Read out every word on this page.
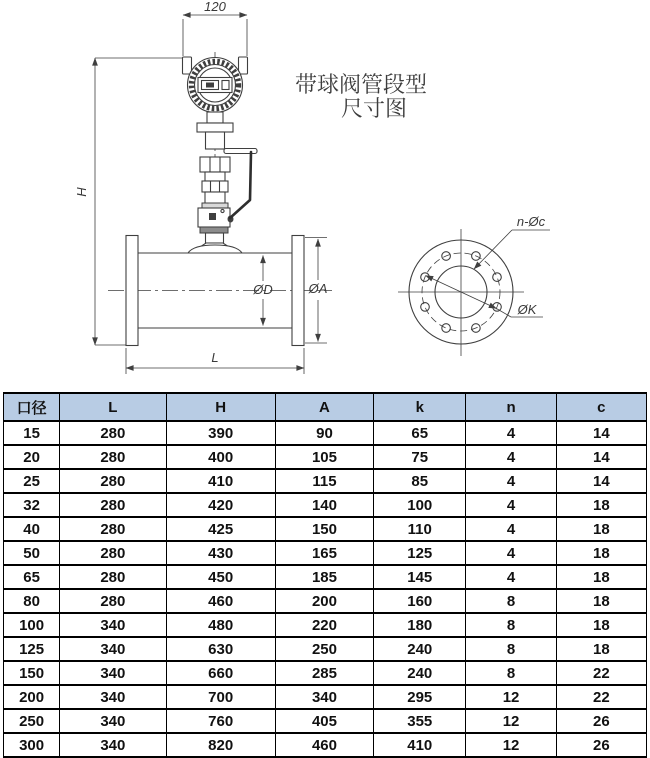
带球阀管段型
尺寸图
120
H
ØD	ØA
L
ØK
n-Øc
口径	L	H	A	k	n	c
15	280	390	90	65	4	14
20	280	400	105	75	4	14
25	280	410	115	85	4	14
32	280	420	140	100	4	18
40	280	425	150	110	4	18
50	280	430	165	125	4	18
65	280	450	185	145	4	18
80	280	460	200	160	8	18
100	340	480	220	180	8	18
125	340	630	250	240	8	18
150	340	660	285	240	8	22
200	340	700	340	295	12	22
250	340	760	405	355	12	26
300	340	820	460	410	12	26
